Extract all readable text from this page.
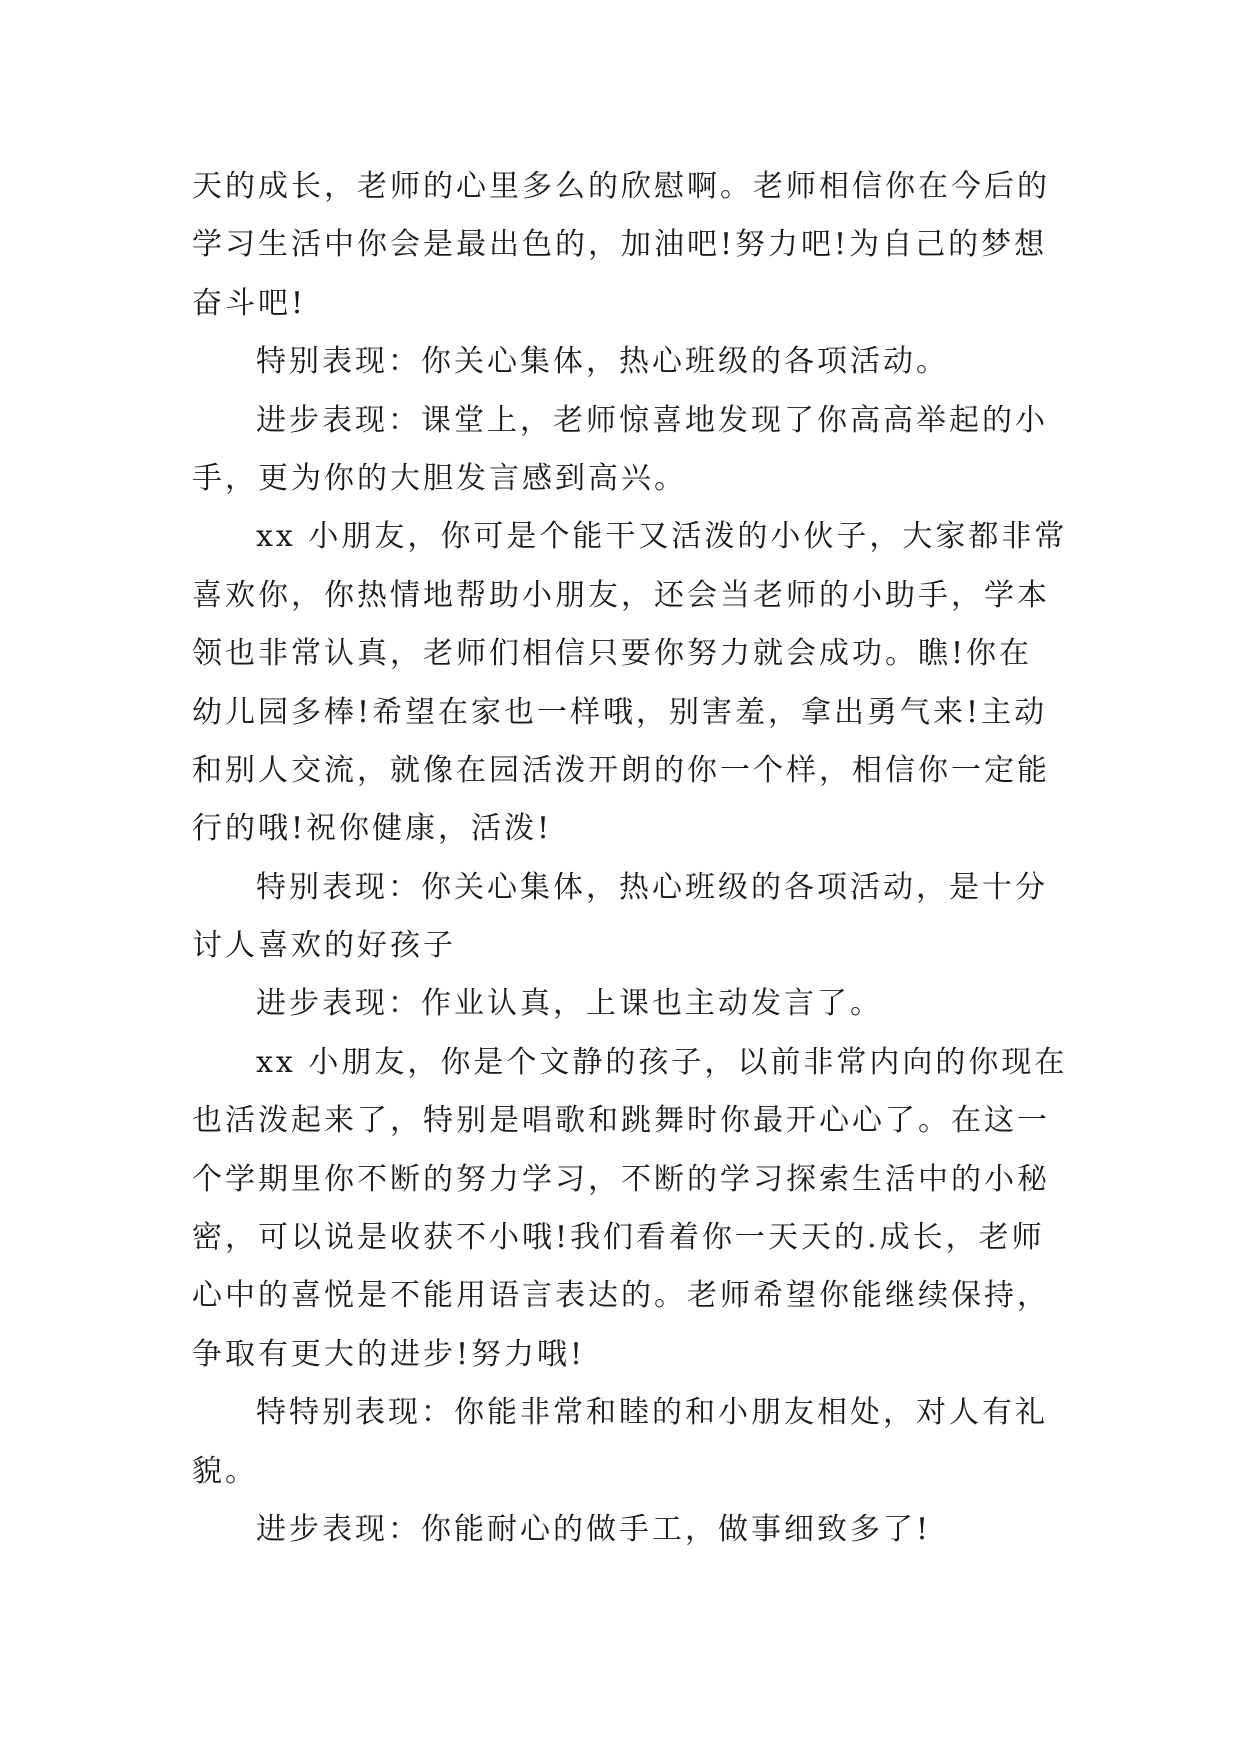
天的成长，老师的心里多么的欣慰啊。老师相信你在今后的
学习生活中你会是最出色的，加油吧!努力吧!为自己的梦想
奋斗吧!
特别表现：你关心集体，热心班级的各项活动。
进步表现：课堂上，老师惊喜地发现了你高高举起的小
手，更为你的大胆发言感到高兴。
xx 小朋友，你可是个能干又活泼的小伙子，大家都非常
喜欢你，你热情地帮助小朋友，还会当老师的小助手，学本
领也非常认真，老师们相信只要你努力就会成功。瞧!你在
幼儿园多棒!希望在家也一样哦，别害羞，拿出勇气来!主动
和别人交流，就像在园活泼开朗的你一个样，相信你一定能
行的哦!祝你健康，活泼!
特别表现：你关心集体，热心班级的各项活动，是十分
讨人喜欢的好孩子
进步表现：作业认真，上课也主动发言了。
xx 小朋友，你是个文静的孩子，以前非常内向的你现在
也活泼起来了，特别是唱歌和跳舞时你最开心心了。在这一
个学期里你不断的努力学习，不断的学习探索生活中的小秘
密，可以说是收获不小哦!我们看着你一天天的.成长，老师
心中的喜悦是不能用语言表达的。老师希望你能继续保持，
争取有更大的进步!努力哦!
特特别表现：你能非常和睦的和小朋友相处，对人有礼
貌。
进步表现：你能耐心的做手工，做事细致多了!
